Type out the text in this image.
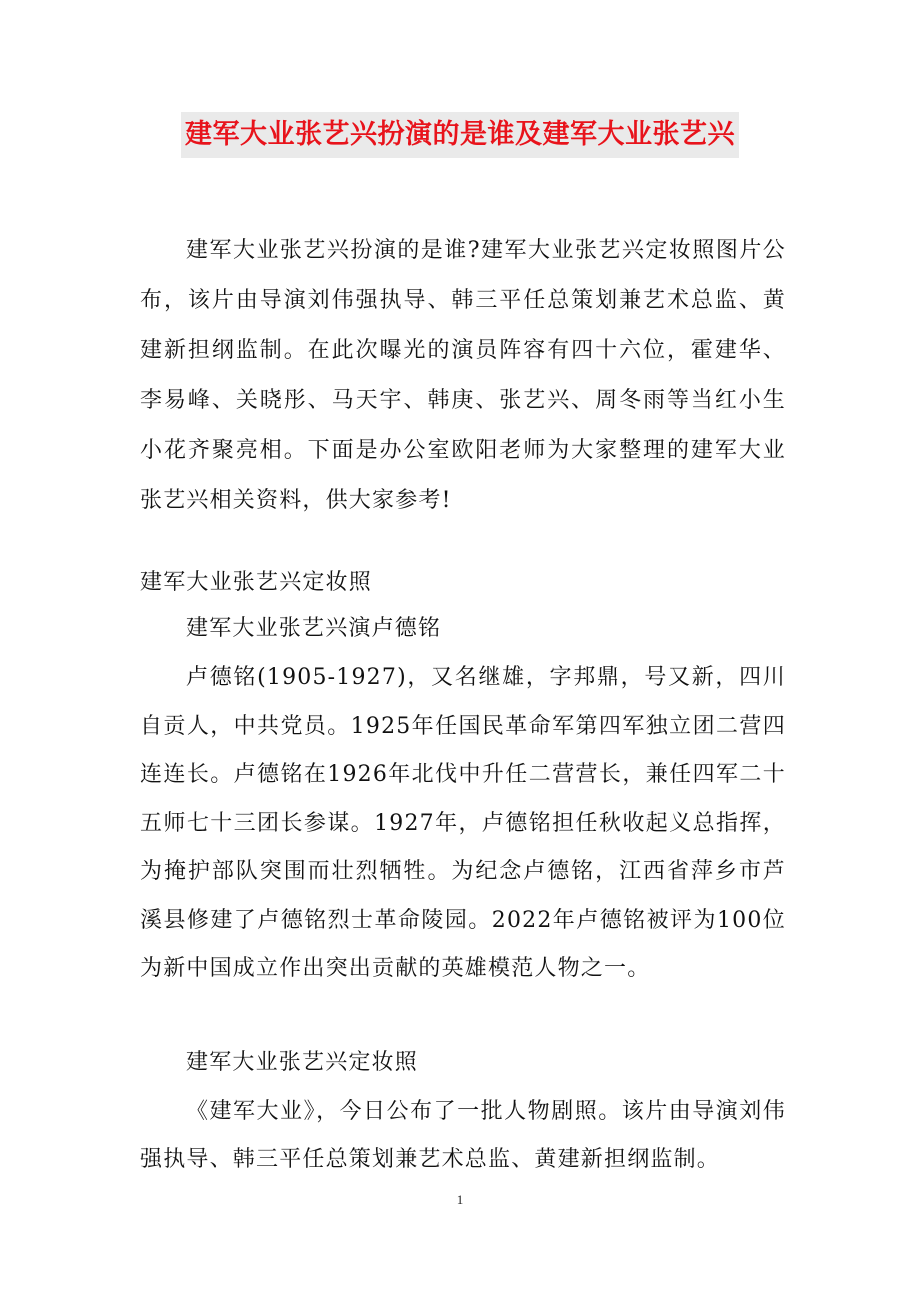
建军大业张艺兴扮演的是谁及建军大业张艺兴

建军大业张艺兴扮演的是谁?建军大业张艺兴定妆照图片公布，该片由导演刘伟强执导、韩三平任总策划兼艺术总监、黄建新担纲监制。在此次曝光的演员阵容有四十六位，霍建华、李易峰、关晓彤、马天宇、韩庚、张艺兴、周冬雨等当红小生小花齐聚亮相。下面是办公室欧阳老师为大家整理的建军大业张艺兴相关资料，供大家参考!

建军大业张艺兴定妆照

建军大业张艺兴演卢德铭

卢德铭(1905-1927)，又名继雄，字邦鼎，号又新，四川自贡人，中共党员。1925年任国民革命军第四军独立团二营四连连长。卢德铭在1926年北伐中升任二营营长，兼任四军二十五师七十三团长参谋。1927年，卢德铭担任秋收起义总指挥，为掩护部队突围而壮烈牺牲。为纪念卢德铭，江西省萍乡市芦溪县修建了卢德铭烈士革命陵园。2022年卢德铭被评为100位为新中国成立作出突出贡献的英雄模范人物之一。

建军大业张艺兴定妆照

《建军大业》，今日公布了一批人物剧照。该片由导演刘伟强执导、韩三平任总策划兼艺术总监、黄建新担纲监制。

1
